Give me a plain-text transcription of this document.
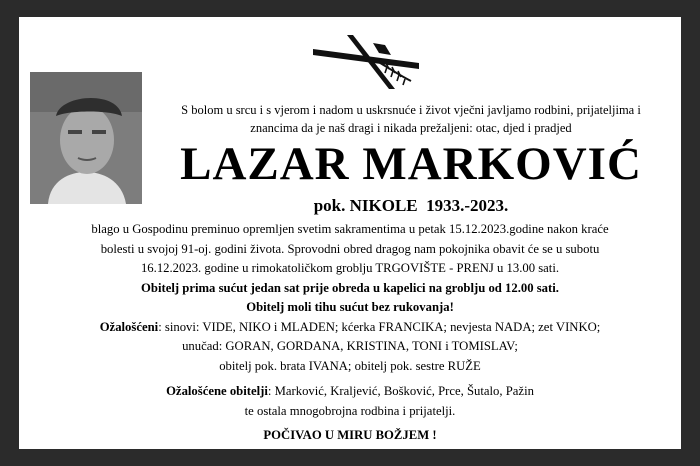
S bolom u srcu i s vjerom i nadom u uskrsnuće i život vječni javljamo rodbini, prijateljima i
znancima da je naš dragi i nikada prežaljeni: otac, djed i pradjed
LAZAR MARKOVIĆ
pok. NIKOLE  1933.-2023.

blago u Gospodinu preminuo opremljen svetim sakramentima u petak 15.12.2023.godine nakon kraće

bolesti u svojoj 91-oj. godini života. Sprovodni obred dragog nam pokojnika obavit će se u subotu

16.12.2023. godine u rimokatoličkom groblju TRGOVIŠTE - PRENJ u 13.00 sati.

Obitelj prima sućut jedan sat prije obreda u kapelici na groblju od 12.00 sati.

Obitelj moli tihu sućut bez rukovanja!

Ožalošćeni: sinovi: VIDE, NIKO i MLADEN; kćerka FRANCIKA; nevjesta NADA; zet VINKO;

unučad: GORAN, GORDANA, KRISTINA, TONI i TOMISLAV;

obitelj pok. brata IVANA; obitelj pok. sestre RUŽE

Ožalošćene obitelji: Marković, Kraljević, Bošković, Prce, Šutalo, Pažin

te ostala mnogobrojna rodbina i prijatelji.

POČIVAO U MIRU BOŽJEM !
